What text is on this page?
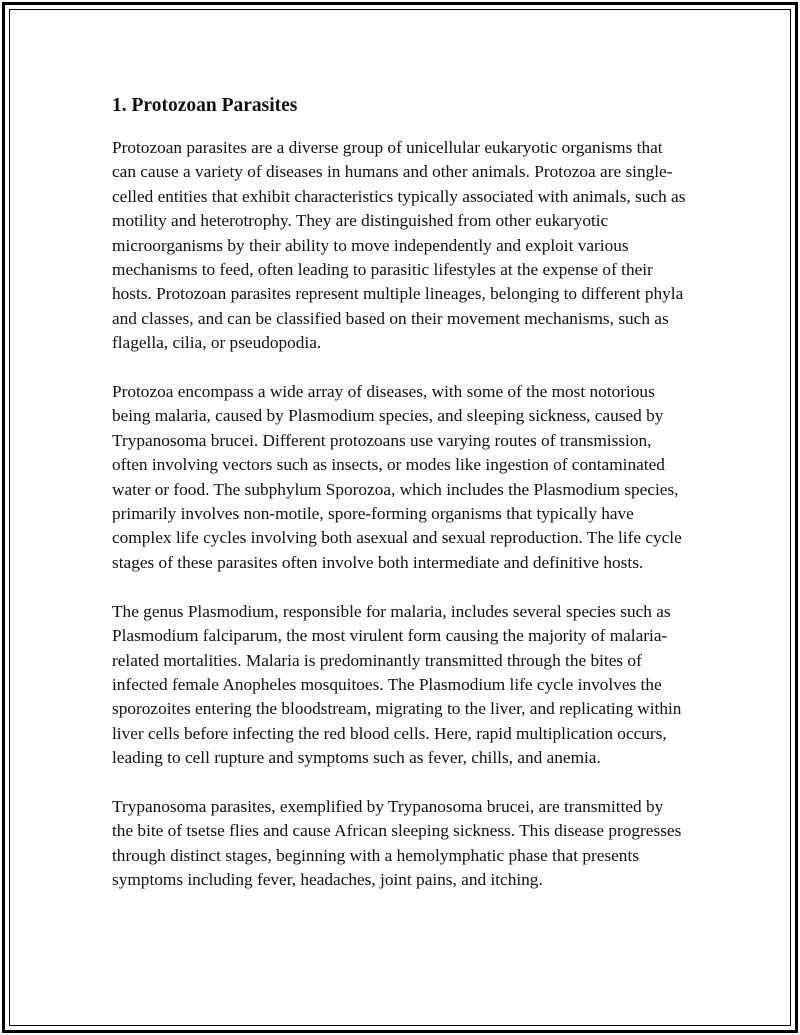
1. Protozoan Parasites

Protozoan parasites are a diverse group of unicellular eukaryotic organisms that can cause a variety of diseases in humans and other animals. Protozoa are single-celled entities that exhibit characteristics typically associated with animals, such as motility and heterotrophy. They are distinguished from other eukaryotic microorganisms by their ability to move independently and exploit various mechanisms to feed, often leading to parasitic lifestyles at the expense of their hosts. Protozoan parasites represent multiple lineages, belonging to different phyla and classes, and can be classified based on their movement mechanisms, such as flagella, cilia, or pseudopodia.

Protozoa encompass a wide array of diseases, with some of the most notorious being malaria, caused by Plasmodium species, and sleeping sickness, caused by Trypanosoma brucei. Different protozoans use varying routes of transmission, often involving vectors such as insects, or modes like ingestion of contaminated water or food. The subphylum Sporozoa, which includes the Plasmodium species, primarily involves non-motile, spore-forming organisms that typically have complex life cycles involving both asexual and sexual reproduction. The life cycle stages of these parasites often involve both intermediate and definitive hosts.

The genus Plasmodium, responsible for malaria, includes several species such as Plasmodium falciparum, the most virulent form causing the majority of malaria-related mortalities. Malaria is predominantly transmitted through the bites of infected female Anopheles mosquitoes. The Plasmodium life cycle involves the sporozoites entering the bloodstream, migrating to the liver, and replicating within liver cells before infecting the red blood cells. Here, rapid multiplication occurs, leading to cell rupture and symptoms such as fever, chills, and anemia.

Trypanosoma parasites, exemplified by Trypanosoma brucei, are transmitted by the bite of tsetse flies and cause African sleeping sickness. This disease progresses through distinct stages, beginning with a hemolymphatic phase that presents symptoms including fever, headaches, joint pains, and itching.
